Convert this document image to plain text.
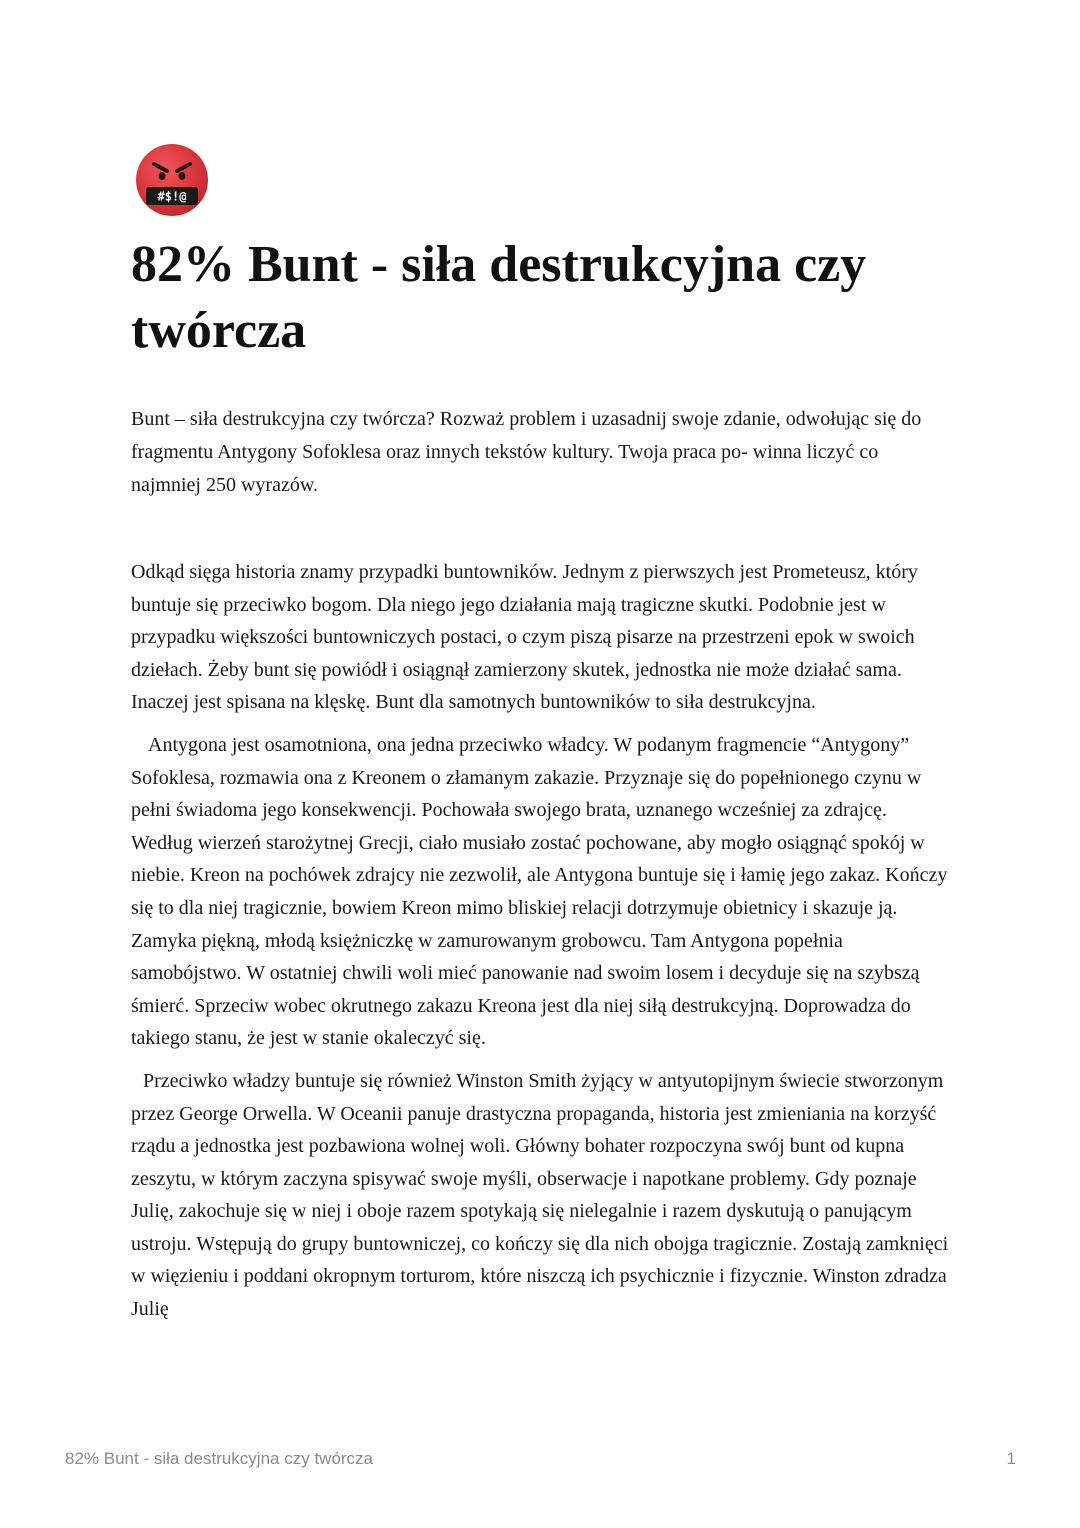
#$!@
82% Bunt - siła destrukcyjna czy twórcza

Bunt – siła destrukcyjna czy twórcza? Rozważ problem i uzasadnij swoje zdanie, odwołując się do fragmentu Antygony Sofoklesa oraz innych tekstów kultury. Twoja praca po- winna liczyć co najmniej 250 wyrazów.

Odkąd sięga historia znamy przypadki buntowników. Jednym z pierwszych jest Prometeusz, który buntuje się przeciwko bogom. Dla niego jego działania mają tragiczne skutki. Podobnie jest w przypadku większości buntowniczych postaci, o czym piszą pisarze na przestrzeni epok w swoich dziełach. Żeby bunt się powiódł i osiągnął zamierzony skutek, jednostka nie może działać sama. Inaczej jest spisana na klęskę. Bunt dla samotnych buntowników to siła destrukcyjna.

Antygona jest osamotniona, ona jedna przeciwko władcy. W podanym fragmencie “Antygony” Sofoklesa, rozmawia ona z Kreonem o złamanym zakazie. Przyznaje się do popełnionego czynu w pełni świadoma jego konsekwencji. Pochowała swojego brata, uznanego wcześniej za zdrajcę. Według wierzeń starożytnej Grecji, ciało musiało zostać pochowane, aby mogło osiągnąć spokój w niebie. Kreon na pochówek zdrajcy nie zezwolił, ale Antygona buntuje się i łamię jego zakaz. Kończy się to dla niej tragicznie, bowiem Kreon mimo bliskiej relacji dotrzymuje obietnicy i skazuje ją. Zamyka piękną, młodą księżniczkę w zamurowanym grobowcu. Tam Antygona popełnia samobójstwo. W ostatniej chwili woli mieć panowanie nad swoim losem i decyduje się na szybszą śmierć. Sprzeciw wobec okrutnego zakazu Kreona jest dla niej siłą destrukcyjną. Doprowadza do takiego stanu, że jest w stanie okaleczyć się.

Przeciwko władzy buntuje się również Winston Smith żyjący w antyutopijnym świecie stworzonym przez George Orwella. W Oceanii panuje drastyczna propaganda, historia jest zmieniania na korzyść rządu a jednostka jest pozbawiona wolnej woli. Główny bohater rozpoczyna swój bunt od kupna zeszytu, w którym zaczyna spisywać swoje myśli, obserwacje i napotkane problemy. Gdy poznaje Julię, zakochuje się w niej i oboje razem spotykają się nielegalnie i razem dyskutują o panującym ustroju. Wstępują do grupy buntowniczej, co kończy się dla nich obojga tragicznie. Zostają zamknięci w więzieniu i poddani okropnym torturom, które niszczą ich psychicznie i fizycznie. Winston zdradza Julię

82% Bunt - siła destrukcyjna czy twórcza	1
